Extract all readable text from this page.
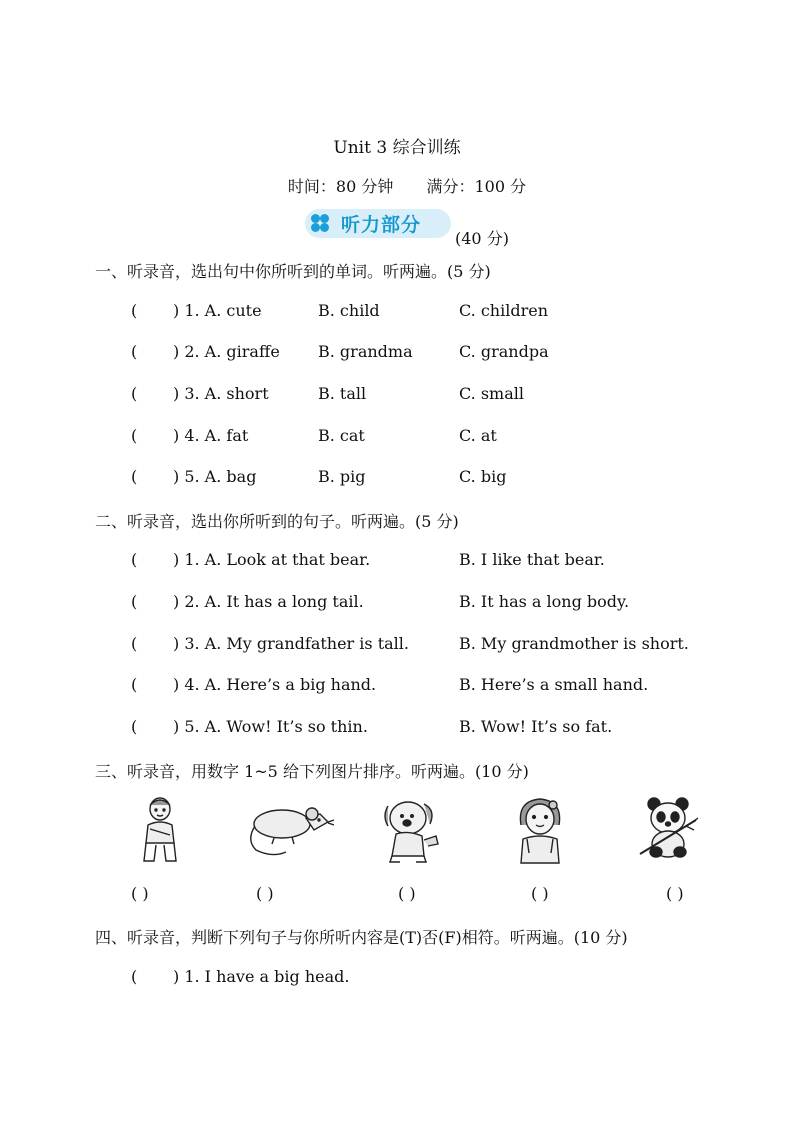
Unit 3 综合训练
时间：80 分钟 满分：100 分
听力部分
(40 分)
一、听录音，选出句中你所听到的单词。听两遍。(5 分)
( ) 1. A. cute	B. child	C. children
( ) 2. A. giraffe B. grandma	C. grandpa
( ) 3. A. short	B. tall	C. small
( ) 4. A. fat	B. cat	C. at
( ) 5. A. bag	B. pig	C. big
二、听录音，选出你所听到的句子。听两遍。(5 分)
( ) 1. A. Look at that bear.	B. I like that bear.
( ) 2. A. It has a long tail.	B. It has a long body.
( ) 3. A. My grandfather is tall.	B. My grandmother is short.
( ) 4. A. Here’s a big hand.	B. Here’s a small hand.
( ) 5. A. Wow! It’s so thin.	B. Wow! It’s so fat.
三、听录音，用数字 1~5 给下列图片排序。听两遍。(10 分)
( )	( )	( )	( )	( )
四、听录音，判断下列句子与你所听内容是(T)否(F)相符。听两遍。(10 分)
( ) 1. I have a big head.
